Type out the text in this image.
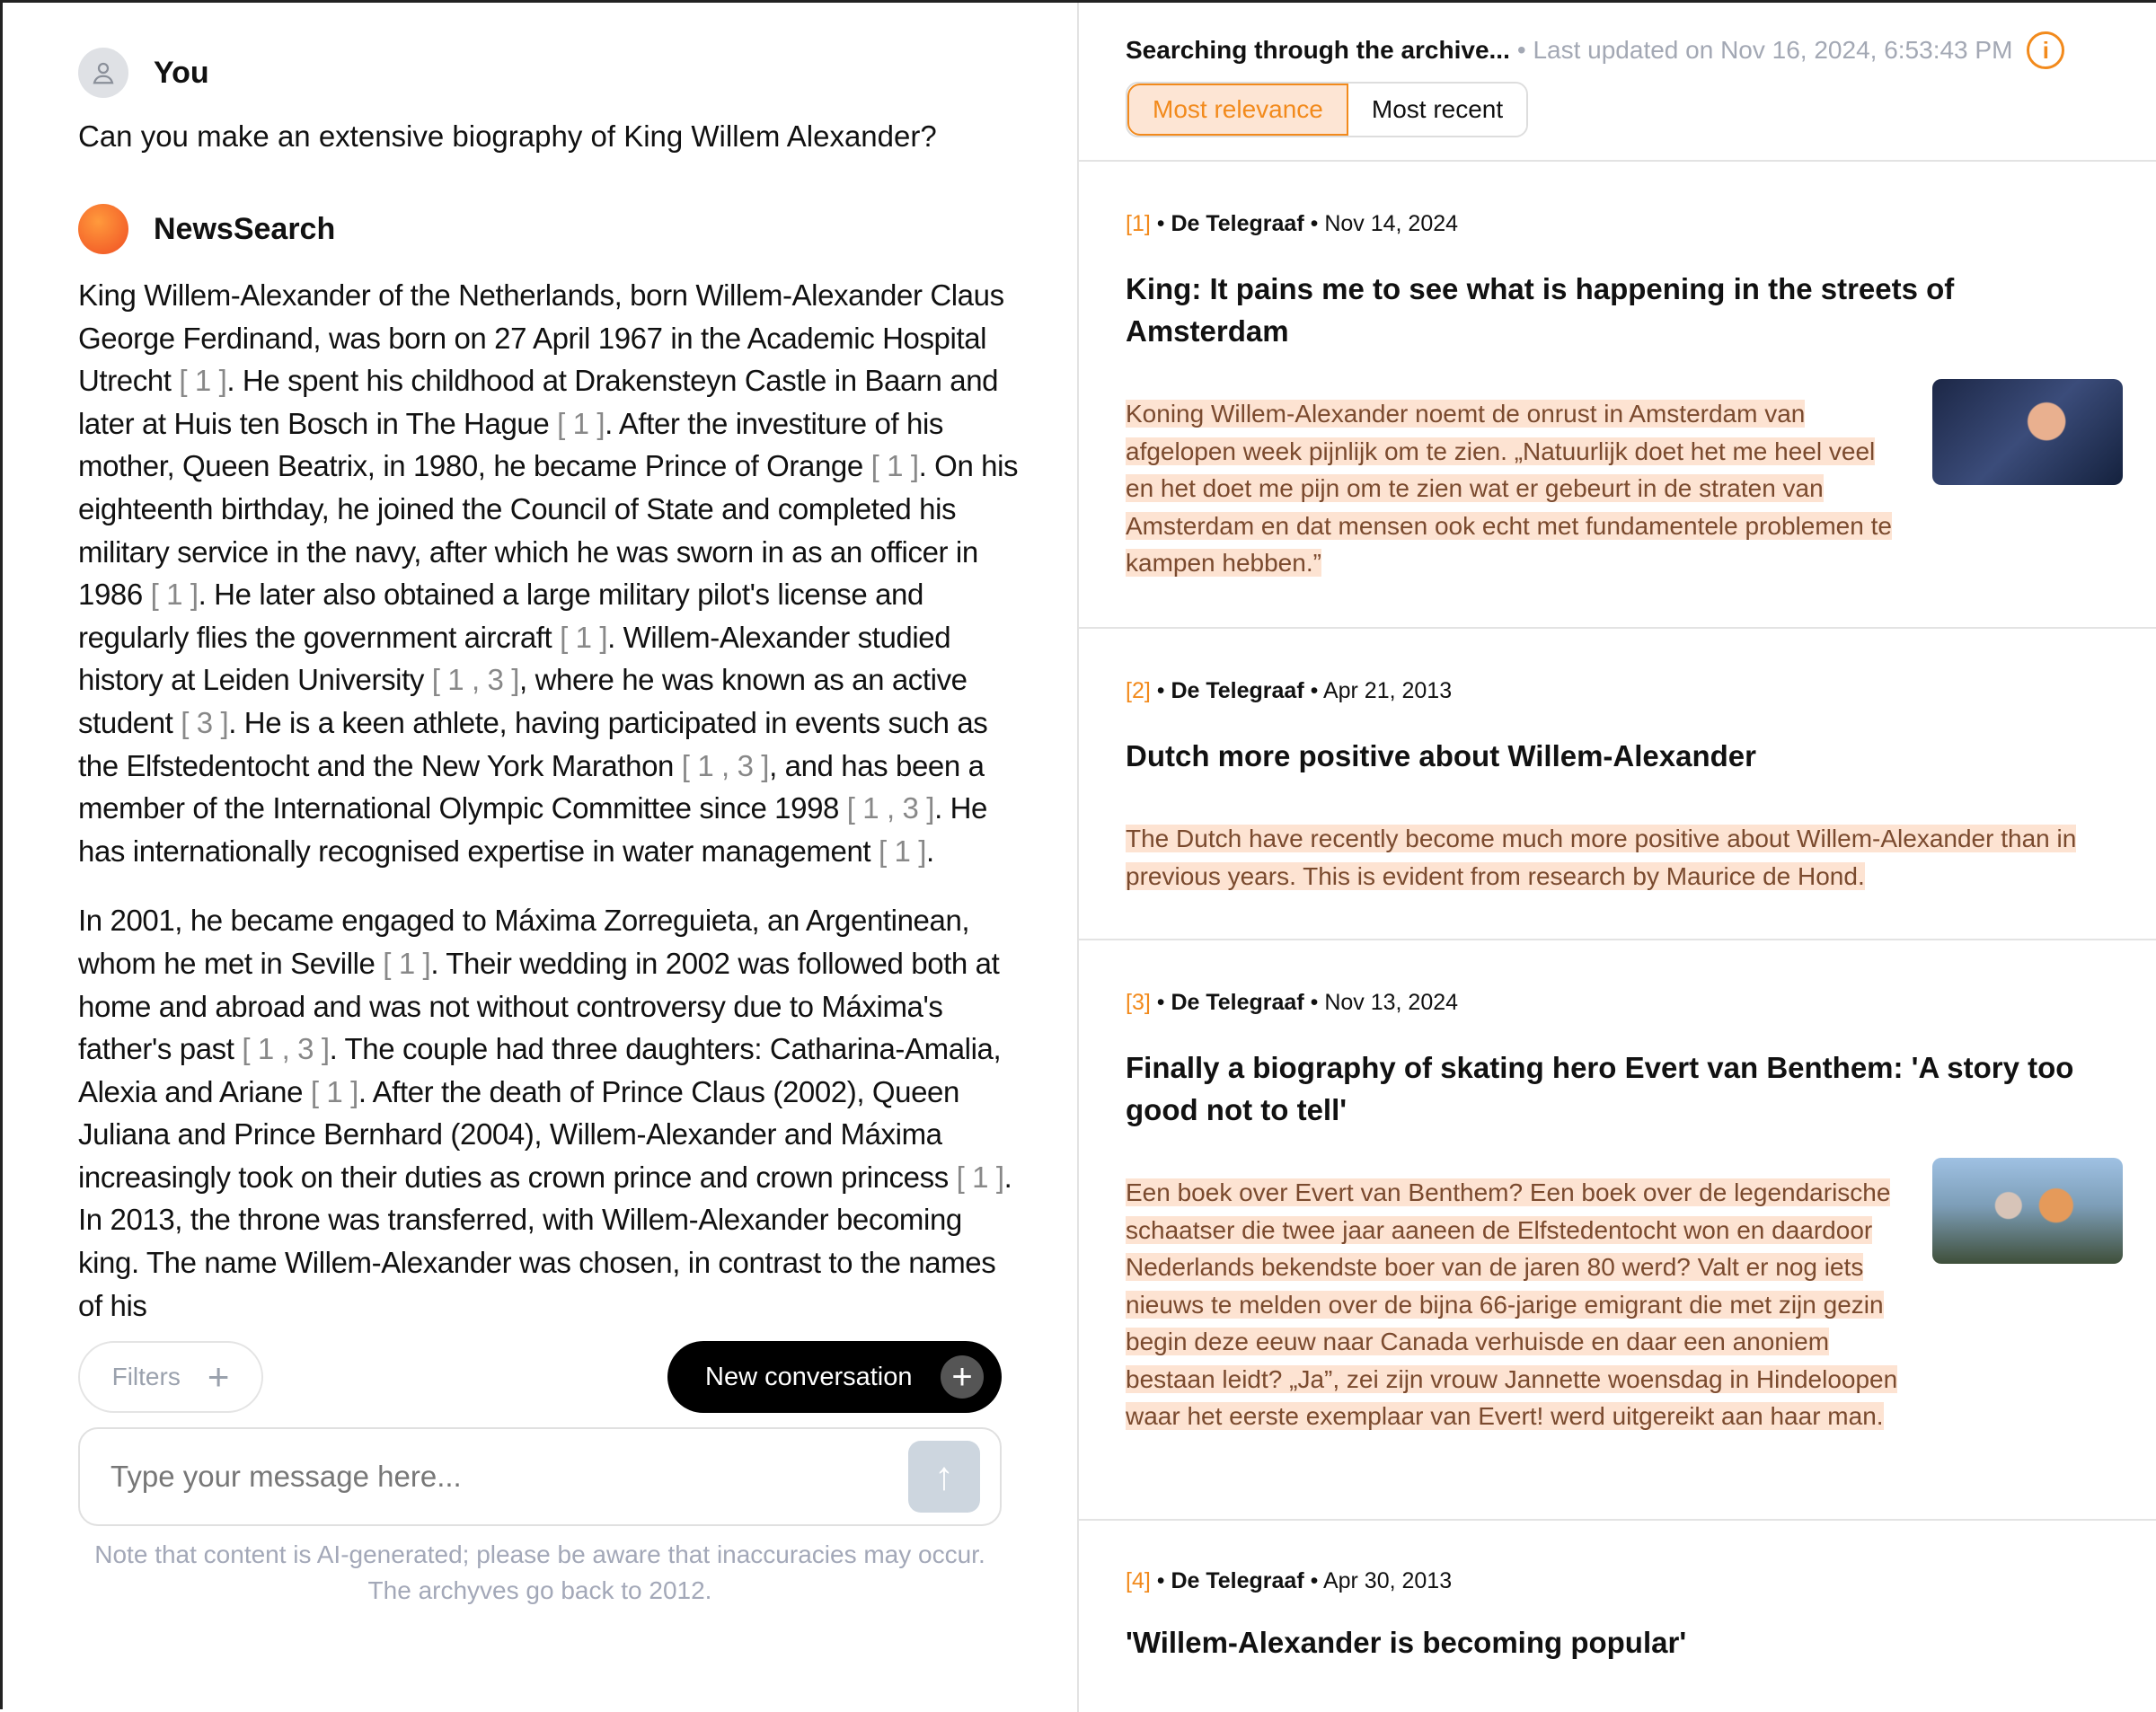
You
Can you make an extensive biography of King Willem Alexander?
NewsSearch

King Willem-Alexander of the Netherlands, born Willem-Alexander Claus George Ferdinand, was born on 27 April 1967 in the Academic Hospital Utrecht [ 1 ]. He spent his childhood at Drakensteyn Castle in Baarn and later at Huis ten Bosch in The Hague [ 1 ]. After the investiture of his mother, Queen Beatrix, in 1980, he became Prince of Orange [ 1 ]. On his eighteenth birthday, he joined the Council of State and completed his military service in the navy, after which he was sworn in as an officer in 1986 [ 1 ]. He later also obtained a large military pilot's license and regularly flies the government aircraft [ 1 ]. Willem-Alexander studied history at Leiden University [ 1 , 3 ], where he was known as an active student [ 3 ]. He is a keen athlete, having participated in events such as the Elfstedentocht and the New York Marathon [ 1 , 3 ], and has been a member of the International Olympic Committee since 1998 [ 1 , 3 ]. He has internationally recognised expertise in water management [ 1 ].

In 2001, he became engaged to Máxima Zorreguieta, an Argentinean, whom he met in Seville [ 1 ]. Their wedding in 2002 was followed both at home and abroad and was not without controversy due to Máxima's father's past [ 1 , 3 ]. The couple had three daughters: Catharina-Amalia, Alexia and Ariane [ 1 ]. After the death of Prince Claus (2002), Queen Juliana and Prince Bernhard (2004), Willem-Alexander and Máxima increasingly took on their duties as crown prince and crown princess [ 1 ]. In 2013, the throne was transferred, with Willem-Alexander becoming king. The name Willem-Alexander was chosen, in contrast to the names of his

Filters +	New conversation	+
Type your message here...
↑
Note that content is AI-generated; please be aware that inaccuracies may occur. The archyves go back to 2012.
Searching through the archive... • Last updated on Nov 16, 2024, 6:53:43 PM	i
Most relevance	Most recent
[1] • De Telegraaf • Nov 14, 2024
King: It pains me to see what is happening in the streets of Amsterdam
Koning Willem-Alexander noemt de onrust in Amsterdam van afgelopen week pijnlijk om te zien. „Natuurlijk doet het me heel veel en het doet me pijn om te zien wat er gebeurt in de straten van Amsterdam en dat mensen ook echt met fundamentele problemen te kampen hebben.”
[2] • De Telegraaf • Apr 21, 2013
Dutch more positive about Willem-Alexander
The Dutch have recently become much more positive about Willem-Alexander than in previous years. This is evident from research by Maurice de Hond.
[3] • De Telegraaf • Nov 13, 2024
Finally a biography of skating hero Evert van Benthem: 'A story too good not to tell'
Een boek over Evert van Benthem? Een boek over de legendarische schaatser die twee jaar aaneen de Elfstedentocht won en daardoor Nederlands bekendste boer van de jaren 80 werd? Valt er nog iets nieuws te melden over de bijna 66-jarige emigrant die met zijn gezin begin deze eeuw naar Canada verhuisde en daar een anoniem bestaan leidt? „Ja”, zei zijn vrouw Jannette woensdag in Hindeloopen waar het eerste exemplaar van Evert! werd uitgereikt aan haar man.
[4] • De Telegraaf • Apr 30, 2013
'Willem-Alexander is becoming popular'
